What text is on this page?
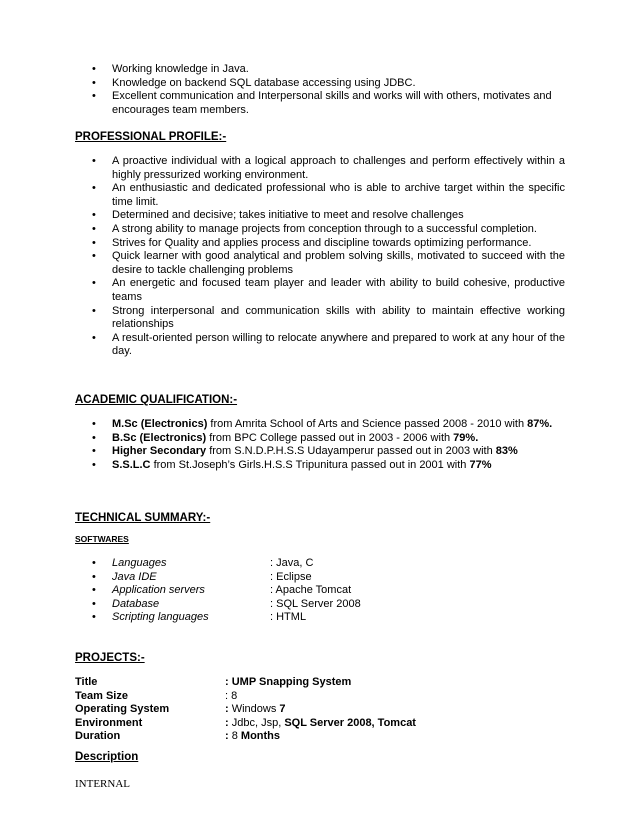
• Working knowledge in Java.
• Knowledge on backend SQL database accessing using JDBC.
• Excellent communication and Interpersonal skills and works will with others, motivates and encourages team members.
PROFESSIONAL PROFILE:-
• A proactive individual with a logical approach to challenges and perform effectively within a highly pressurized working environment.
• An enthusiastic and dedicated professional who is able to archive target within the specific time limit.
• Determined and decisive; takes initiative to meet and resolve challenges
• A strong ability to manage projects from conception through to a successful completion.
• Strives for Quality and applies process and discipline towards optimizing performance.
• Quick learner with good analytical and problem solving skills, motivated to succeed with the desire to tackle challenging problems
• An energetic and focused team player and leader with ability to build cohesive, productive teams
• Strong interpersonal and communication skills with ability to maintain effective working relationships
• A result-oriented person willing to relocate anywhere and prepared to work at any hour of the day.
ACADEMIC QUALIFICATION:-
• M.Sc (Electronics) from Amrita School of Arts and Science passed 2008 - 2010 with 87%.
• B.Sc (Electronics) from BPC College passed out in 2003 - 2006 with 79%.
• Higher Secondary from S.N.D.P.H.S.S Udayamperur passed out in 2003 with 83%
• S.S.L.C from St.Joseph’s Girls.H.S.S Tripunitura passed out in 2001 with 77%
TECHNICAL SUMMARY:-
SOFTWARES
• Languages	: Java, C
• Java IDE	: Eclipse
• Application servers	: Apache Tomcat
• Database	: SQL Server 2008
• Scripting languages	: HTML
PROJECTS:-
Title	: UMP Snapping System
Team Size	: 8
Operating System	: Windows 7
Environment	: Jdbc, Jsp, SQL Server 2008, Tomcat
Duration	: 8 Months
Description
INTERNAL
